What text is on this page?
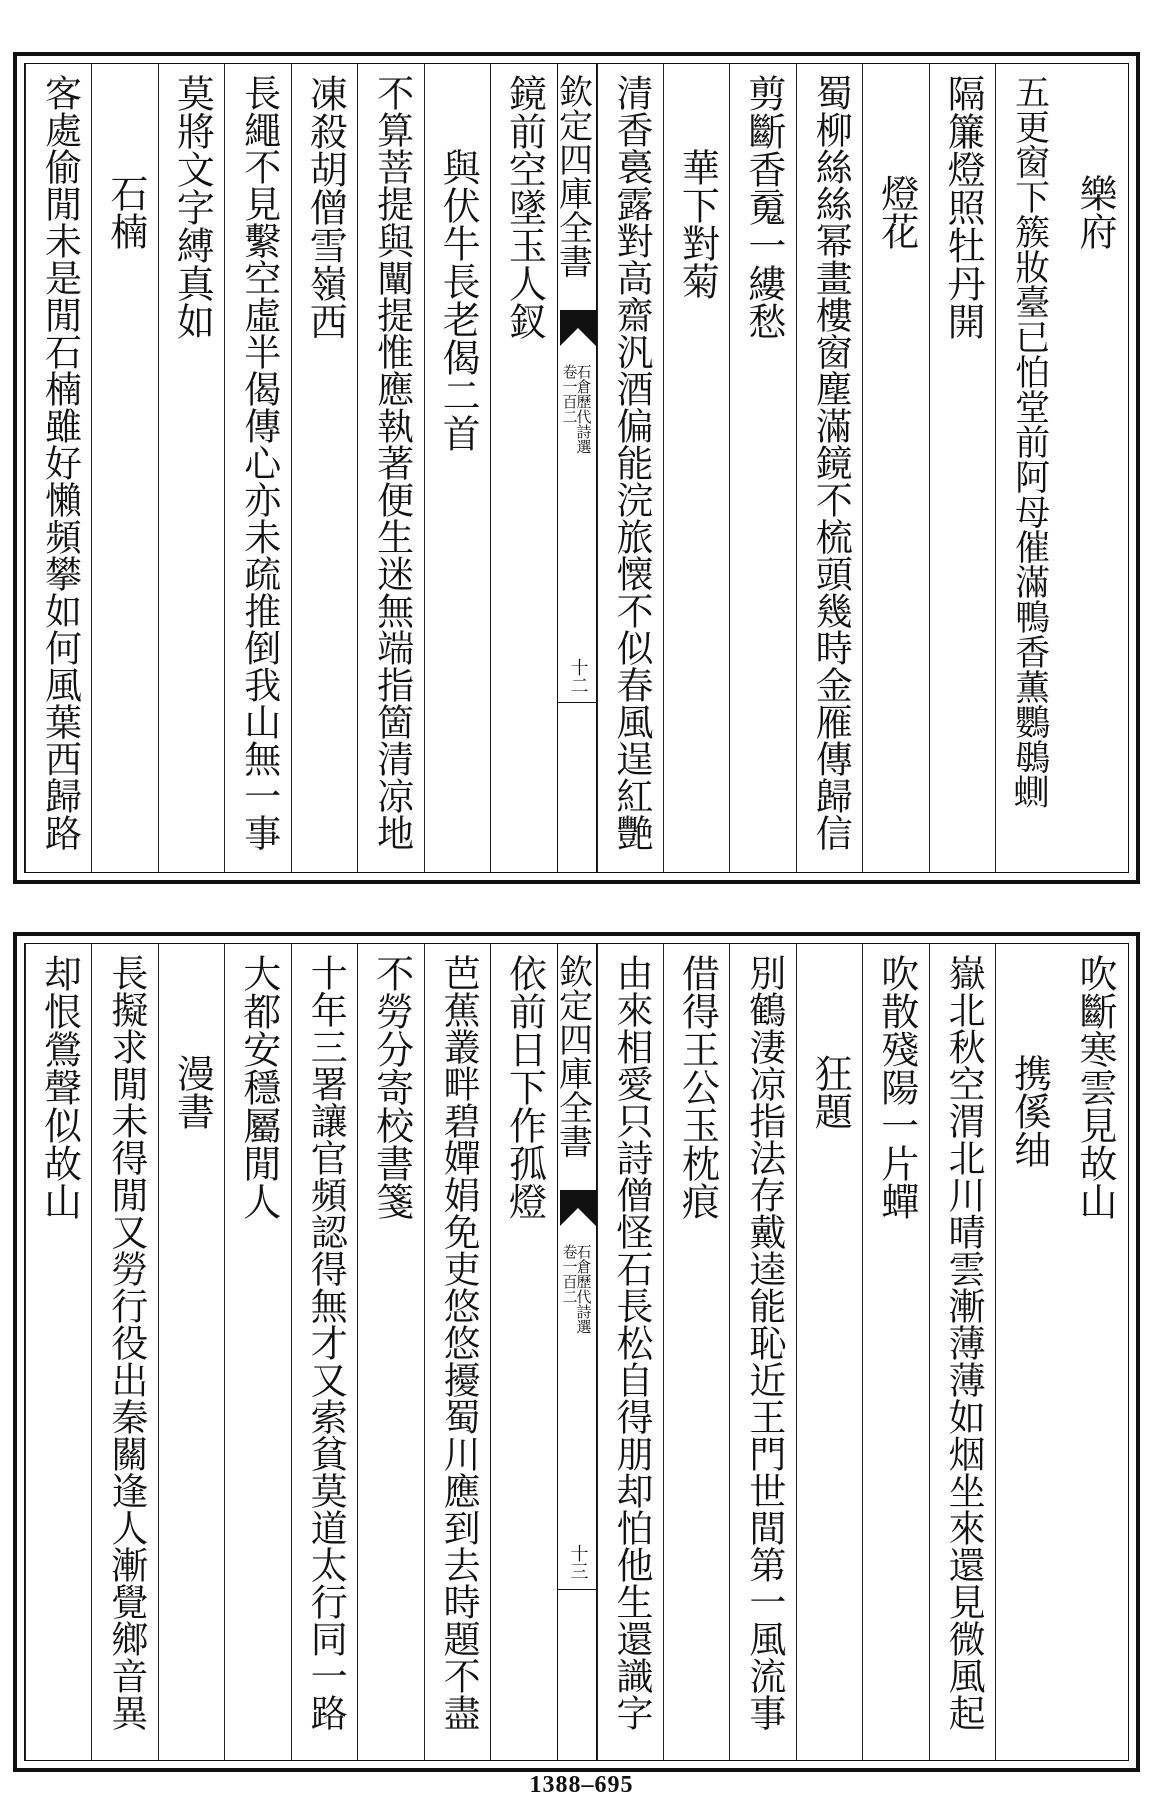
樂府
五更窗下簇妝臺已怕堂前阿母催滿鴨香薫鸚䳇𧍡
隔簾燈照牡丹開
燈花
蜀柳絲絲幂畫樓窗塵滿鏡不梳頭幾時金雁傳歸信
剪斷香䰟一縷愁
華下對菊
清香裛露對高齋汎酒偏能浣旅懐不似春風逞紅艷
欽定四庫全書
石倉歷代詩選
卷一百二
十二
鏡前空墜玉人釵
與伏牛長老偈二首
不算菩提與闡提惟應執著便生迷無端指箇清凉地
凍殺胡僧雪嶺西
長繩不見繫空虛半偈傳心亦未疏推倒我山無一事
莫將文字縛真如
石楠
客處偷閒未是閒石楠雖好懶頻攀如何風葉西歸路
吹斷寒雲見故山
携傒䌷
嶽北秋空渭北川晴雲漸薄薄如烟坐來還見微風起
吹散殘陽一片蟬
狂題
別鶴淒凉指法存戴逵能恥近王門世間第一風流事
借得王公玉枕痕
由來相愛只詩僧怪石長松自得朋却怕他生還識字
欽定四庫全書
石倉歷代詩選
卷一百二
十三
依前日下作孤燈
芭蕉叢畔碧嬋娟免吏悠悠擾蜀川應到去時題不盡
不勞分寄校書箋
十年三署讓官頻認得無才又索貧莫道太行同一路
大都安穩屬閒人
漫書
長擬求閒未得閒又勞行役出秦關逢人漸覺鄉音異
却恨鶯聲似故山
1388–695
